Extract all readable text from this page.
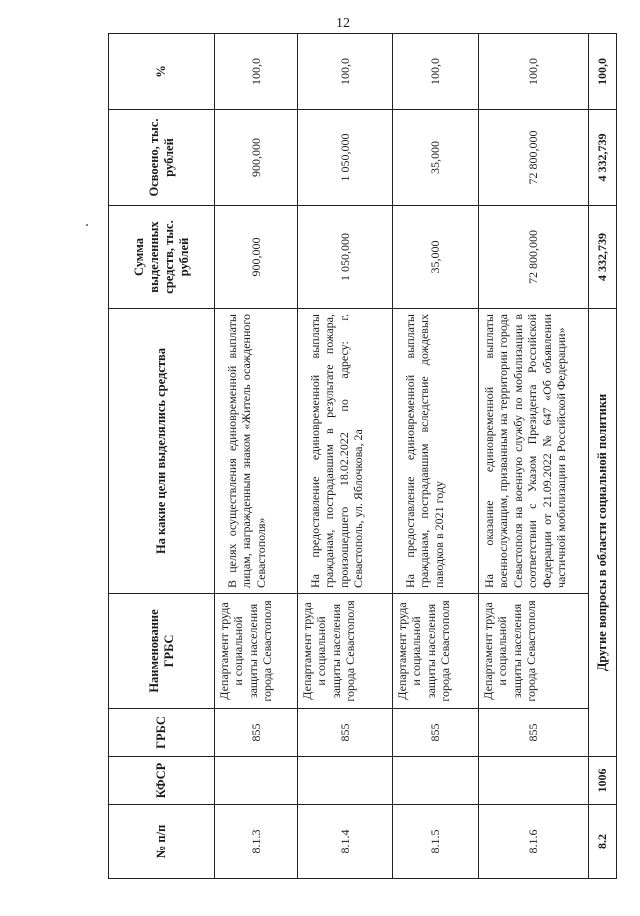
12
№ п/п	КФСР	ГРБС	Наименование ГРБС	На какие цели выделялись средства	Сумма выделенных средств, тыс. рублей	Освоено, тыс. рублей	%
8.1.3		855	Департамент труда и социальной защиты населения города Севастополя	В целях осуществления единовременной выплаты лицам, награжденным знаком «Житель осажденного Севастополя»	900,000	900,000	100,0
8.1.4		855	Департамент труда и социальной защиты населения города Севастополя	На предоставление единовременной выплаты гражданам, пострадавшим в результате пожара, произошедшего 18.02.2022 по адресу: г. Севастополь, ул. Яблочкова, 2а	1 050,000	1 050,000	100,0
8.1.5		855	Департамент труда и социальной защиты населения города Севастополя	На предоставление единовременной выплаты гражданам, пострадавшим вследствие дождевых паводков в 2021 году	35,000	35,000	100,0
8.1.6		855	Департамент труда и социальной защиты населения города Севастополя	На оказание единовременной выплаты военнослужащим, призванным на территории города Севастополя на военную службу по мобилизации в соответствии с Указом Президента Российской Федерации от 21.09.2022 № 647 «Об объявлении частичной мобилизации в Российской Федерации»	72 800,000	72 800,000	100,0
8.2	1006	Другие вопросы в области социальной политики			4 332,739	4 332,739	100,0
